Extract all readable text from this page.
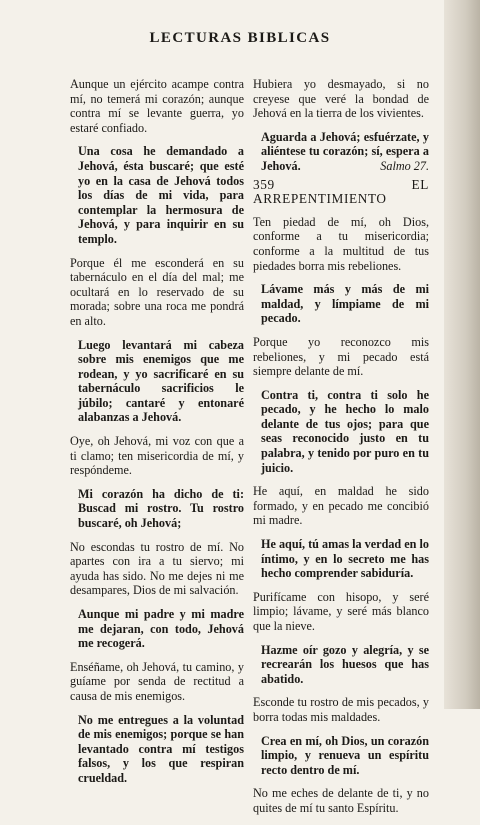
LECTURAS BIBLICAS

Aunque un ejército acampe contra mí, no temerá mi corazón; aunque contra mí se levante guerra, yo estaré confiado.

Una cosa he demandado a Jehová, ésta buscaré; que esté yo en la casa de Jehová todos los días de mi vida, para contemplar la hermosura de Jehová, y para inquirir en su templo.

Porque él me esconderá en su tabernáculo en el día del mal; me ocultará en lo reservado de su morada; sobre una roca me pondrá en alto.

Luego levantará mi cabeza sobre mis enemigos que me rodean, y yo sacrificaré en su tabernáculo sacrificios le júbilo; cantaré y entonaré alabanzas a Jehová.

Oye, oh Jehová, mi voz con que a ti clamo; ten misericordia de mí, y respóndeme.

Mi corazón ha dicho de ti: Buscad mi rostro. Tu rostro buscaré, oh Jehová;

No escondas tu rostro de mí. No apartes con ira a tu siervo; mi ayuda has sido. No me dejes ni me desampares, Dios de mi salvación.

Aunque mi padre y mi madre me dejaran, con todo, Jehová me recogerá.

Enséñame, oh Jehová, tu camino, y guíame por senda de rectitud a causa de mis enemigos.

No me entregues a la voluntad de mis enemigos; porque se han levantado contra mí testigos falsos, y los que respiran crueldad.

Hubiera yo desmayado, si no creyese que veré la bondad de Jehová en la tierra de los vivientes.

Aguarda a Jehová; esfuérzate, y aliéntese tu corazón; sí, espera a Jehová.	Salmo 27.

359	EL ARREPENTIMIENTO

Ten piedad de mí, oh Dios, conforme a tu misericordia; conforme a la multitud de tus piedades borra mis rebeliones.

Lávame más y más de mi maldad, y límpiame de mi pecado.

Porque yo reconozco mis rebeliones, y mi pecado está siempre delante de mí.

Contra ti, contra ti solo he pecado, y he hecho lo malo delante de tus ojos; para que seas reconocido justo en tu palabra, y tenido por puro en tu juicio.

He aquí, en maldad he sido formado, y en pecado me concibió mi madre.

He aquí, tú amas la verdad en lo íntimo, y en lo secreto me has hecho comprender sabiduría.

Purifícame con hisopo, y seré limpio; lávame, y seré más blanco que la nieve.

Hazme oír gozo y alegría, y se recrearán los huesos que has abatido.

Esconde tu rostro de mis pecados, y borra todas mis maldades.

Crea en mí, oh Dios, un corazón limpio, y renueva un espíritu recto dentro de mí.

No me eches de delante de ti, y no quites de mí tu santo Espíritu.
